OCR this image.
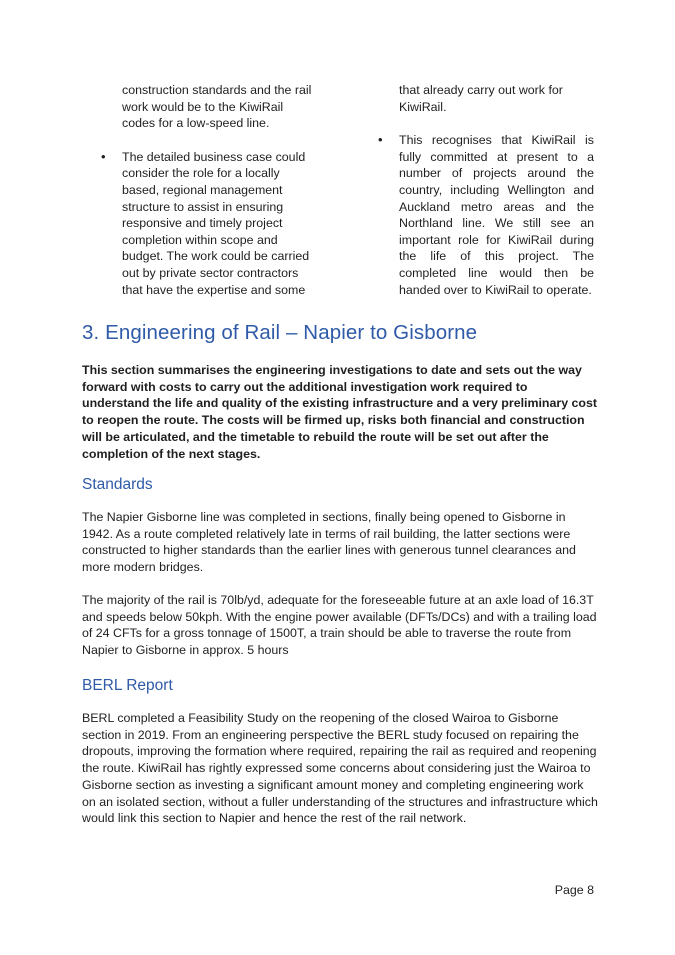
construction standards and the rail work would be to the KiwiRail codes for a low-speed line.

• The detailed business case could consider the role for a locally based, regional management structure to assist in ensuring responsive and timely project completion within scope and budget. The work could be carried out by private sector contractors that have the expertise and some

that already carry out work for KiwiRail.

• This recognises that KiwiRail is fully committed at present to a number of projects around the country, including Wellington and Auckland metro areas and the Northland line. We still see an important role for KiwiRail during the life of this project. The completed line would then be handed over to KiwiRail to operate.

3. Engineering of Rail – Napier to Gisborne

This section summarises the engineering investigations to date and sets out the way forward with costs to carry out the additional investigation work required to understand the life and quality of the existing infrastructure and a very preliminary cost to reopen the route. The costs will be firmed up, risks both financial and construction will be articulated, and the timetable to rebuild the route will be set out after the completion of the next stages.

Standards

The Napier Gisborne line was completed in sections, finally being opened to Gisborne in 1942. As a route completed relatively late in terms of rail building, the latter sections were constructed to higher standards than the earlier lines with generous tunnel clearances and more modern bridges.

The majority of the rail is 70lb/yd, adequate for the foreseeable future at an axle load of 16.3T and speeds below 50kph. With the engine power available (DFTs/DCs) and with a trailing load of 24 CFTs for a gross tonnage of 1500T, a train should be able to traverse the route from Napier to Gisborne in approx. 5 hours

BERL Report

BERL completed a Feasibility Study on the reopening of the closed Wairoa to Gisborne section in 2019. From an engineering perspective the BERL study focused on repairing the dropouts, improving the formation where required, repairing the rail as required and reopening the route. KiwiRail has rightly expressed some concerns about considering just the Wairoa to Gisborne section as investing a significant amount money and completing engineering work on an isolated section, without a fuller understanding of the structures and infrastructure which would link this section to Napier and hence the rest of the rail network.

Page 8
